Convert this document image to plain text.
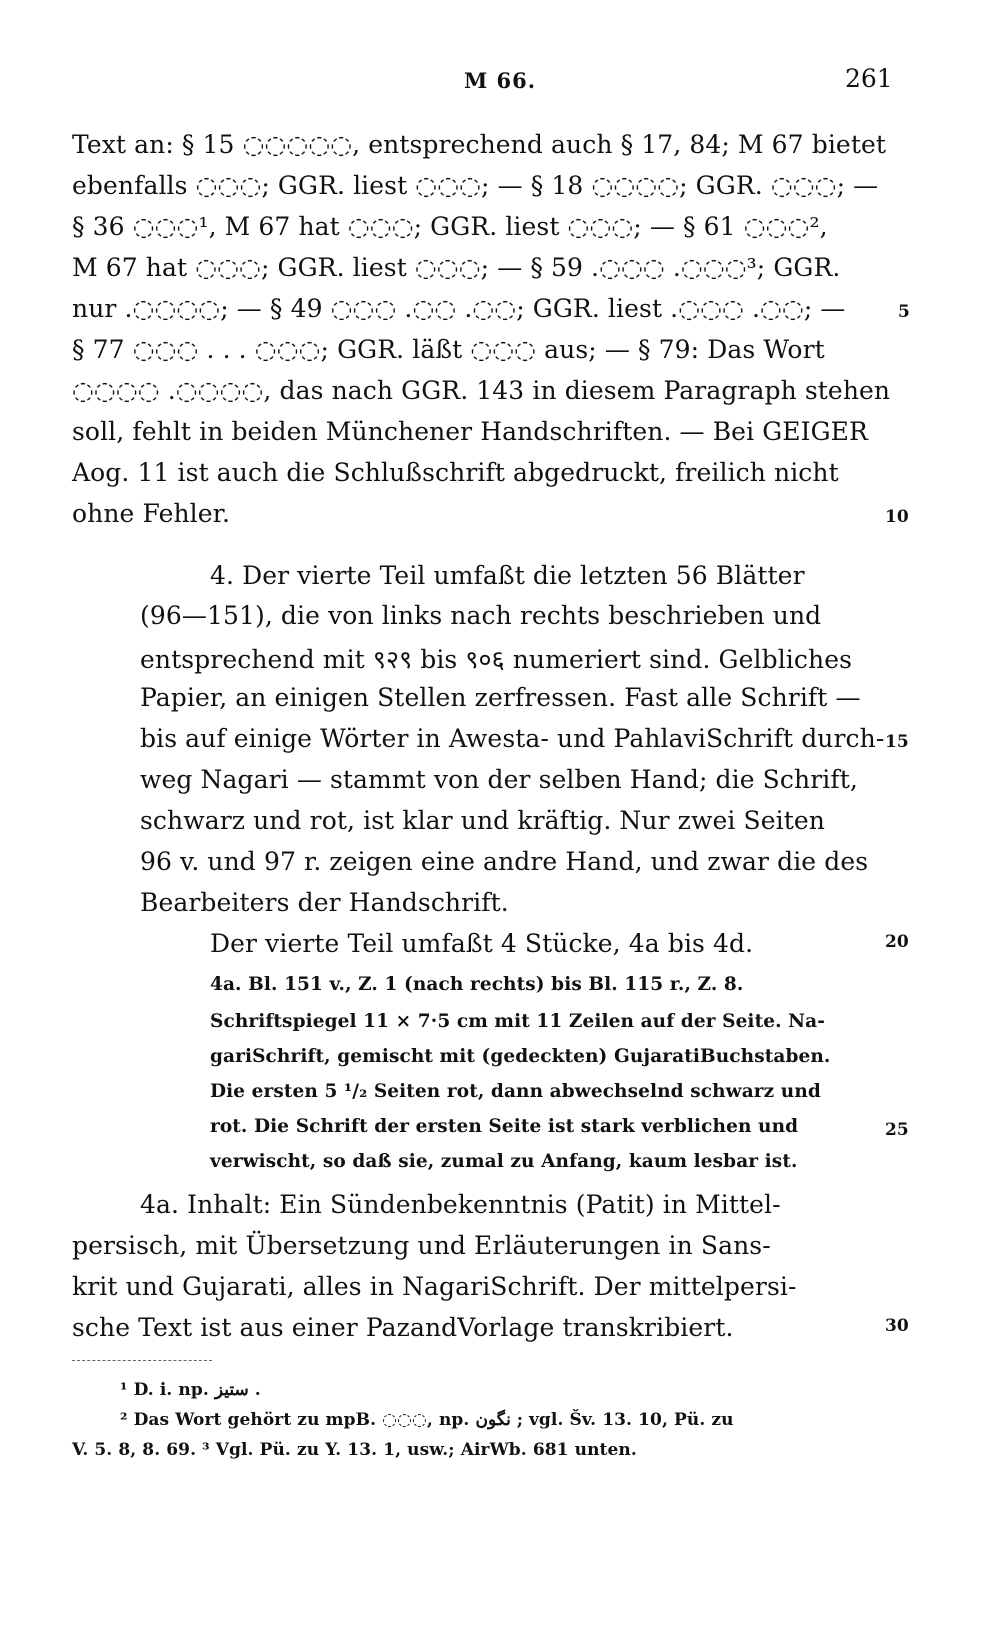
M 66.	261
Text an: § 15 ◌◌◌◌◌, entsprechend auch § 17, 84; M 67 bietet
ebenfalls ◌◌◌; GGR. liest ◌◌◌; — § 18 ◌◌◌◌; GGR. ◌◌◌; —
§ 36 ◌◌◌¹, M 67 hat ◌◌◌; GGR. liest ◌◌◌; — § 61 ◌◌◌²,
M 67 hat ◌◌◌; GGR. liest ◌◌◌; — § 59 .◌◌◌ .◌◌◌³; GGR.
nur .◌◌◌◌; — § 49 ◌◌◌ .◌◌ .◌◌; GGR. liest .◌◌◌ .◌◌; —
§ 77 ◌◌◌ . . . ◌◌◌; GGR. läßt ◌◌◌ aus; — § 79: Das Wort
◌◌◌◌ .◌◌◌◌, das nach GGR. 143 in diesem Paragraph stehen
soll, fehlt in beiden Münchener Handschriften. — Bei GEIGER
Aog. 11 ist auch die Schlußschrift abgedruckt, freilich nicht
ohne Fehler.
4. Der vierte Teil umfaßt die letzten 56 Blätter
(96—151), die von links nach rechts beschrieben und
entsprechend mit ९२९ bis ९०६ numeriert sind. Gelbliches
Papier, an einigen Stellen zerfressen. Fast alle Schrift —
bis auf einige Wörter in Awesta- und PahlaviSchrift durch-
weg Nagari — stammt von der selben Hand; die Schrift,
schwarz und rot, ist klar und kräftig. Nur zwei Seiten
96 v. und 97 r. zeigen eine andre Hand, und zwar die des
Bearbeiters der Handschrift.
Der vierte Teil umfaßt 4 Stücke, 4a bis 4d.
4a. Bl. 151 v., Z. 1 (nach rechts) bis Bl. 115 r., Z. 8.
Schriftspiegel 11 × 7·5 cm mit 11 Zeilen auf der Seite. Na-
gariSchrift, gemischt mit (gedeckten) GujaratiBuchstaben.
Die ersten 5 ¹/₂ Seiten rot, dann abwechselnd schwarz und
rot. Die Schrift der ersten Seite ist stark verblichen und
verwischt, so daß sie, zumal zu Anfang, kaum lesbar ist.
4a. Inhalt: Ein Sündenbekenntnis (Patit) in Mittel-
persisch, mit Übersetzung und Erläuterungen in Sans-
krit und Gujarati, alles in NagariSchrift. Der mittelpersi-
sche Text ist aus einer PazandVorlage transkribiert.
5
10
15
20
25
30
¹ D. i. np. ستیز .
² Das Wort gehört zu mpB. ◌◌◌, np. نگون ; vgl. Šv. 13. 10, Pü. zu
V. 5. 8, 8. 69. ³ Vgl. Pü. zu Y. 13. 1, usw.; AirWb. 681 unten.
